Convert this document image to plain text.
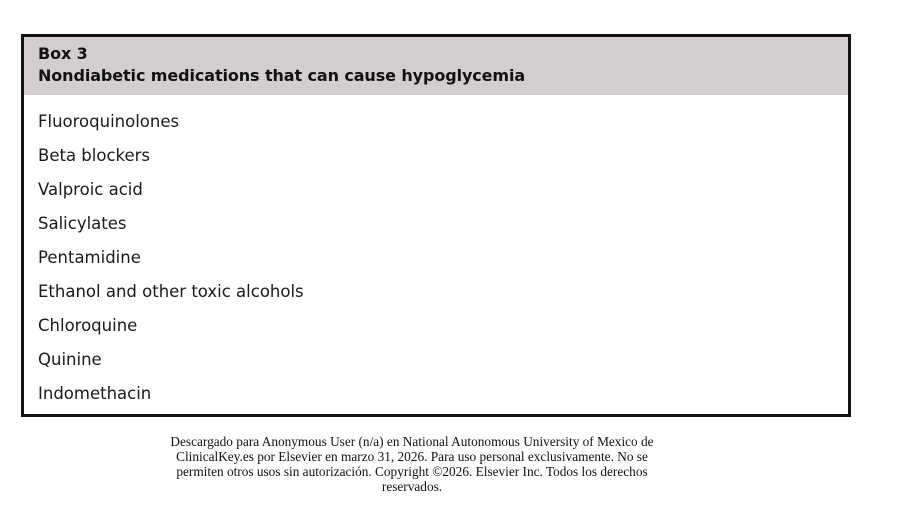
Box 3
Nondiabetic medications that can cause hypoglycemia
Fluoroquinolones
Beta blockers
Valproic acid
Salicylates
Pentamidine
Ethanol and other toxic alcohols
Chloroquine
Quinine
Indomethacin
Descargado para Anonymous User (n/a) en National Autonomous University of Mexico de
ClinicalKey.es por Elsevier en marzo 31, 2026. Para uso personal exclusivamente. No se
permiten otros usos sin autorización. Copyright ©2026. Elsevier Inc. Todos los derechos
reservados.
